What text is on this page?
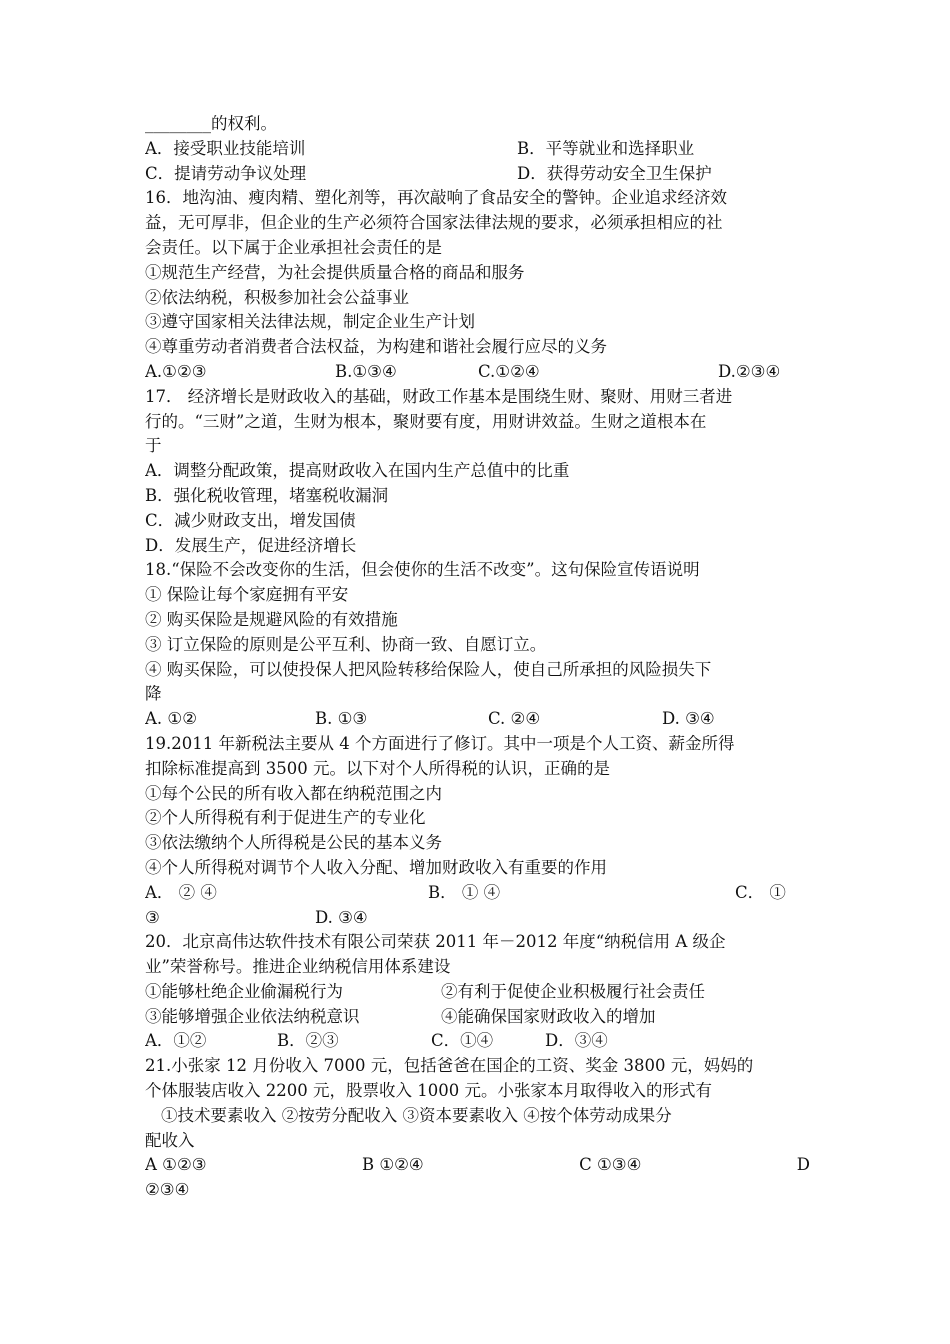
________的权利。
A．接受职业技能培训	B．平等就业和选择职业
C．提请劳动争议处理	D．获得劳动安全卫生保护
16．地沟油、瘦肉精、塑化剂等，再次敲响了食品安全的警钟。企业追求经济效
益，无可厚非，但企业的生产必须符合国家法律法规的要求，必须承担相应的社
会责任。以下属于企业承担社会责任的是
①规范生产经营，为社会提供质量合格的商品和服务
②依法纳税，积极参加社会公益事业
③遵守国家相关法律法规，制定企业生产计划
④尊重劳动者消费者合法权益，为构建和谐社会履行应尽的义务
A.①②③	B.①③④	C.①②④	D.②③④
17． 经济增长是财政收入的基础，财政工作基本是围绕生财、聚财、用财三者进
行的。“三财”之道，生财为根本，聚财要有度，用财讲效益。生财之道根本在
于
A．调整分配政策，提高财政收入在国内生产总值中的比重
B．强化税收管理，堵塞税收漏洞
C．减少财政支出，增发国债
D．发展生产，促进经济增长
18.“保险不会改变你的生活，但会使你的生活不改变”。这句保险宣传语说明
① 保险让每个家庭拥有平安
② 购买保险是规避风险的有效措施
③ 订立保险的原则是公平互利、协商一致、自愿订立。
④ 购买保险，可以使投保人把风险转移给保险人，使自己所承担的风险损失下
降
A. ①②	B. ①③	C. ②④	D. ③④
19.2011 年新税法主要从 4 个方面进行了修订。其中一项是个人工资、薪金所得
扣除标准提高到 3500 元。以下对个人所得税的认识，正确的是
①每个公民的所有收入都在纳税范围之内
②个人所得税有利于促进生产的专业化
③依法缴纳个人所得税是公民的基本义务
④个人所得税对调节个人收入分配、增加财政收入有重要的作用
A． ② ④	B． ① ④	C． ①
③	D. ③④
20．北京高伟达软件技术有限公司荣获 2011 年－2012 年度“纳税信用 A 级企
业”荣誉称号。推进企业纳税信用体系建设
①能够杜绝企业偷漏税行为	②有利于促使企业积极履行社会责任
③能够增强企业依法纳税意识	④能确保国家财政收入的增加
A．①②	B．②③	C．①④	D．③④
21.小张家 12 月份收入 7000 元，包括爸爸在国企的工资、奖金 3800 元，妈妈的
个体服装店收入 2200 元，股票收入 1000 元。小张家本月取得收入的形式有
①技术要素收入 ②按劳分配收入 ③资本要素收入 ④按个体劳动成果分
配收入
A ①②③	B ①②④	C ①③④	D
②③④
